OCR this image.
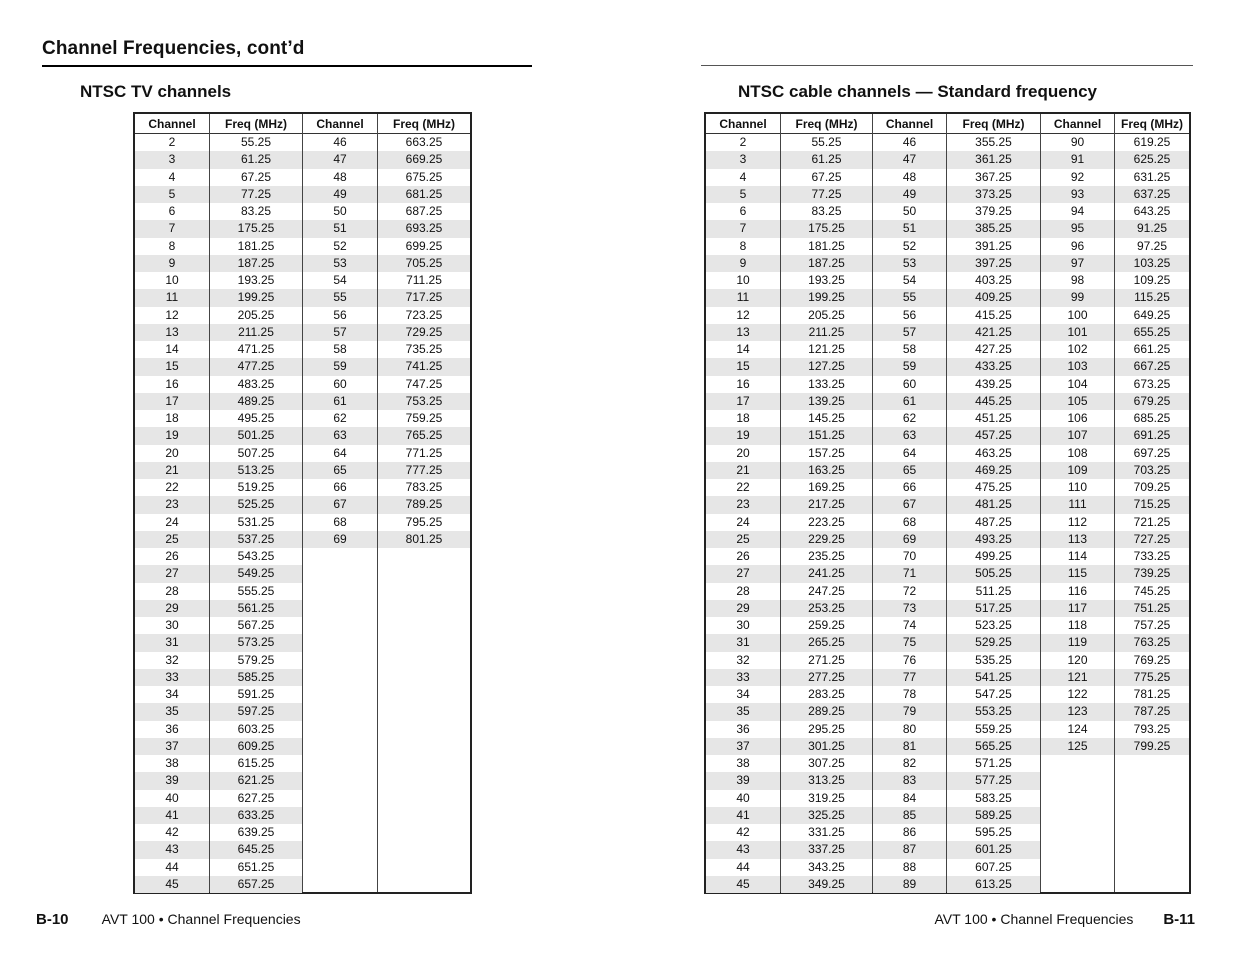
Channel Frequencies, cont’d
NTSC TV channels	NTSC cable channels — Standard frequency
Channel
2
3
4
5
6
7
8
9
10
11
12
13
14
15
16
17
18
19
20
21
22
23
24
25
26
27
28
29
30
31
32
33
34
35
36
37
38
39
40
41
42
43
44
45
Freq (MHz)
55.25
61.25
67.25
77.25
83.25
175.25
181.25
187.25
193.25
199.25
205.25
211.25
471.25
477.25
483.25
489.25
495.25
501.25
507.25
513.25
519.25
525.25
531.25
537.25
543.25
549.25
555.25
561.25
567.25
573.25
579.25
585.25
591.25
597.25
603.25
609.25
615.25
621.25
627.25
633.25
639.25
645.25
651.25
657.25
Channel
46
47
48
49
50
51
52
53
54
55
56
57
58
59
60
61
62
63
64
65
66
67
68
69
Freq (MHz)
663.25
669.25
675.25
681.25
687.25
693.25
699.25
705.25
711.25
717.25
723.25
729.25
735.25
741.25
747.25
753.25
759.25
765.25
771.25
777.25
783.25
789.25
795.25
801.25
Channel
2
3
4
5
6
7
8
9
10
11
12
13
14
15
16
17
18
19
20
21
22
23
24
25
26
27
28
29
30
31
32
33
34
35
36
37
38
39
40
41
42
43
44
45
Freq (MHz)
55.25
61.25
67.25
77.25
83.25
175.25
181.25
187.25
193.25
199.25
205.25
211.25
121.25
127.25
133.25
139.25
145.25
151.25
157.25
163.25
169.25
217.25
223.25
229.25
235.25
241.25
247.25
253.25
259.25
265.25
271.25
277.25
283.25
289.25
295.25
301.25
307.25
313.25
319.25
325.25
331.25
337.25
343.25
349.25
Channel
46
47
48
49
50
51
52
53
54
55
56
57
58
59
60
61
62
63
64
65
66
67
68
69
70
71
72
73
74
75
76
77
78
79
80
81
82
83
84
85
86
87
88
89
Freq (MHz)
355.25
361.25
367.25
373.25
379.25
385.25
391.25
397.25
403.25
409.25
415.25
421.25
427.25
433.25
439.25
445.25
451.25
457.25
463.25
469.25
475.25
481.25
487.25
493.25
499.25
505.25
511.25
517.25
523.25
529.25
535.25
541.25
547.25
553.25
559.25
565.25
571.25
577.25
583.25
589.25
595.25
601.25
607.25
613.25
Channel
90
91
92
93
94
95
96
97
98
99
100
101
102
103
104
105
106
107
108
109
110
111
112
113
114
115
116
117
118
119
120
121
122
123
124
125
Freq (MHz)
619.25
625.25
631.25
637.25
643.25
91.25
97.25
103.25
109.25
115.25
649.25
655.25
661.25
667.25
673.25
679.25
685.25
691.25
697.25
703.25
709.25
715.25
721.25
727.25
733.25
739.25
745.25
751.25
757.25
763.25
769.25
775.25
781.25
787.25
793.25
799.25
B-10 AVT 100 • Channel Frequencies	AVT 100 • Channel Frequencies B-11
